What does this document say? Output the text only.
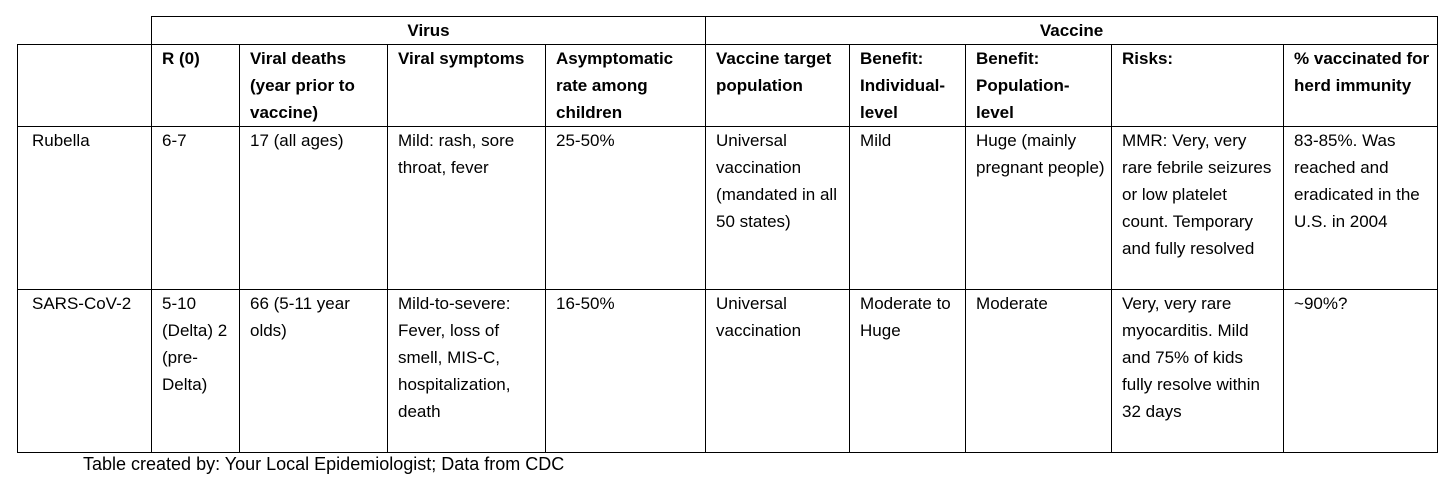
	Virus				Vaccine				
	R (0)	Viral deaths (year prior to vaccine)	Viral symptoms	Asymptomatic rate among children	Vaccine target population	Benefit: Individual-level	Benefit: Population-level	Risks:	% vaccinated for herd immunity
Rubella	6-7	17 (all ages)	Mild: rash, sore throat, fever	25-50%	Universal vaccination (mandated in all 50 states)	Mild	Huge (mainly pregnant people)	MMR: Very, very rare febrile seizures or low platelet count. Temporary and fully resolved	83-85%. Was reached and eradicated in the U.S. in 2004
SARS-CoV-2	5-10 (Delta) 2 (pre-Delta)	66 (5-11 year olds)	Mild-to-severe: Fever, loss of smell, MIS-C, hospitalization, death	16-50%	Universal vaccination	Moderate to Huge	Moderate	Very, very rare myocarditis. Mild and 75% of kids fully resolve within 32 days	~90%?
Table created by: Your Local Epidemiologist; Data from CDC
